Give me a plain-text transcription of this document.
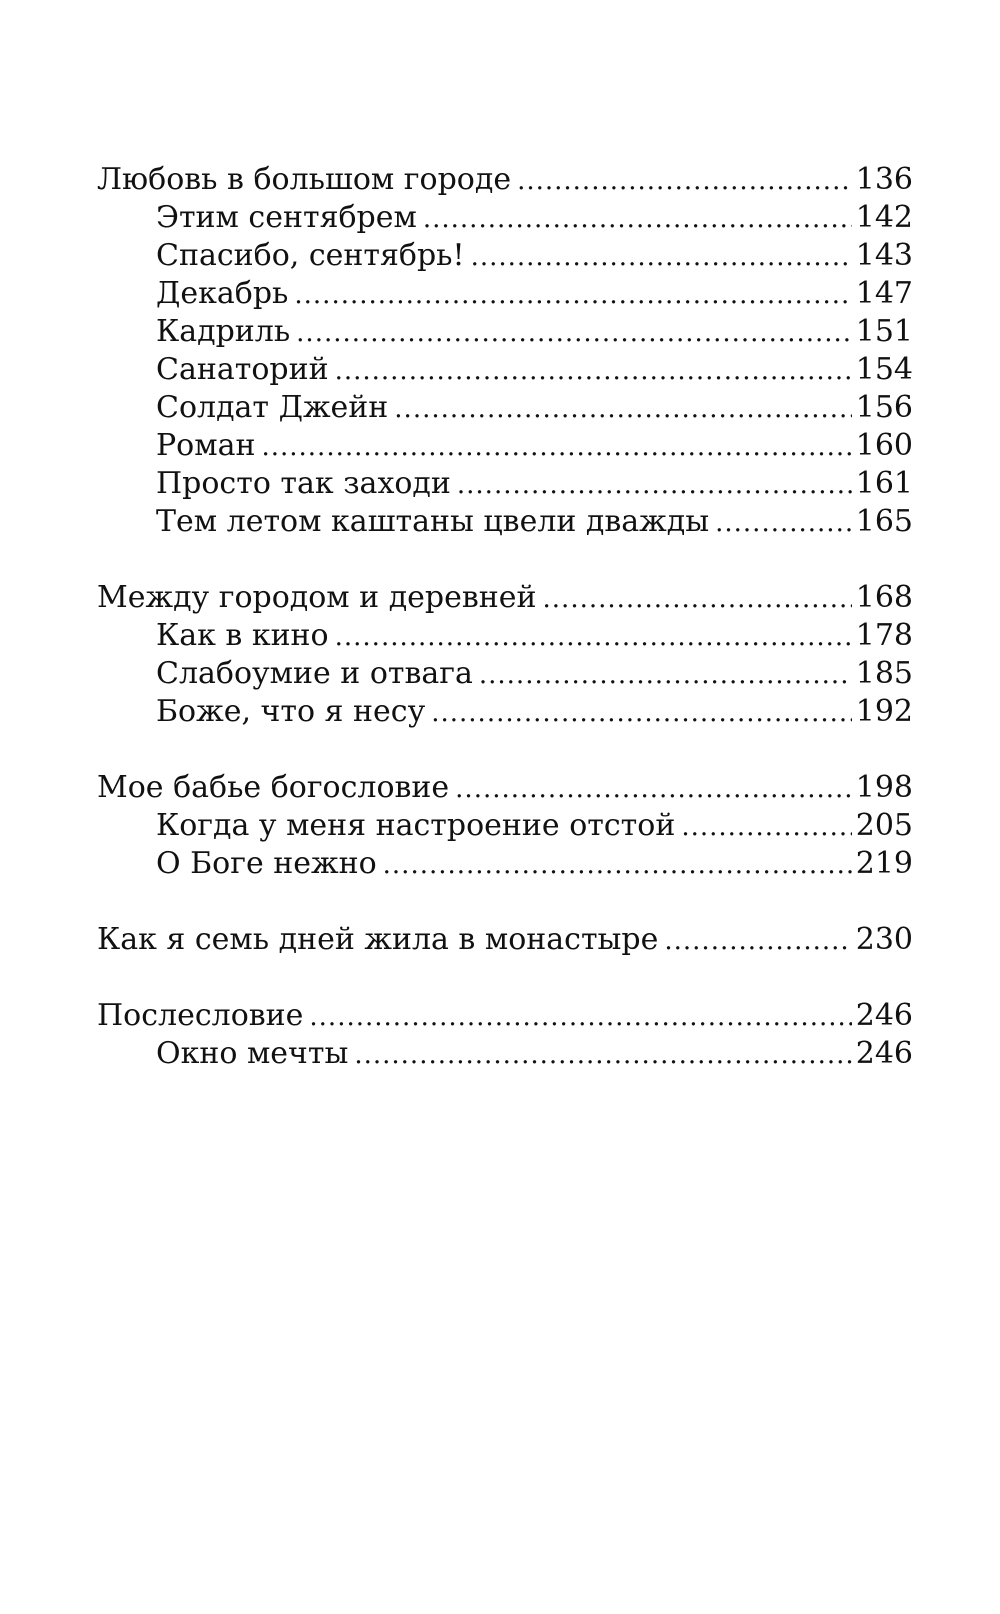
Любовь в большом городе .....	136
Этим сентябрем .....	142
Спасибо, сентябрь! .....	143
Декабрь .....	147
Кадриль .....	151
Санаторий .....	154
Солдат Джейн .....	156
Роман .....	160
Просто так заходи .....	161
Тем летом каштаны цвели дважды .....	165
Между городом и деревней .....	168
Как в кино .....	178
Слабоумие и отвага .....	185
Боже, что я несу .....	192
Мое бабье богословие .....	198
Когда у меня настроение отстой .....	205
О Боге нежно .....	219
Как я семь дней жила в монастыре .....	230
Послесловие .....	246
Окно мечты .....	246
